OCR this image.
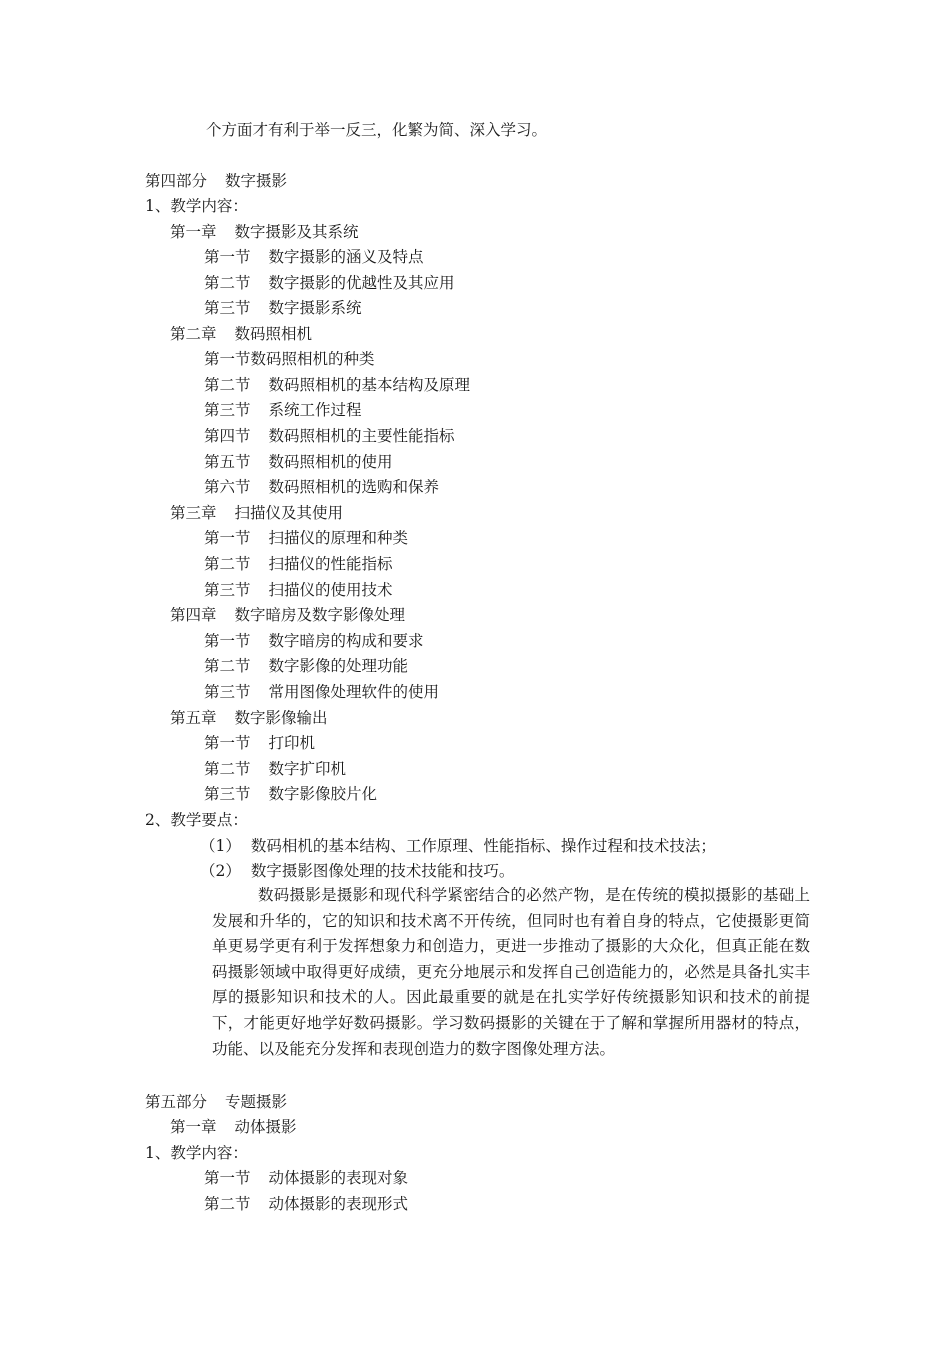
个方面才有利于举一反三，化繁为简、深入学习。
第四部分 数字摄影
1、教学内容：
第一章 数字摄影及其系统
第一节 数字摄影的涵义及特点
第二节 数字摄影的优越性及其应用
第三节 数字摄影系统
第二章 数码照相机
第一节数码照相机的种类
第二节 数码照相机的基本结构及原理
第三节 系统工作过程
第四节 数码照相机的主要性能指标
第五节 数码照相机的使用
第六节 数码照相机的选购和保养
第三章 扫描仪及其使用
第一节 扫描仪的原理和种类
第二节 扫描仪的性能指标
第三节 扫描仪的使用技术
第四章 数字暗房及数字影像处理
第一节 数字暗房的构成和要求
第二节 数字影像的处理功能
第三节 常用图像处理软件的使用
第五章 数字影像输出
第一节 打印机
第二节 数字扩印机
第三节 数字影像胶片化
2、教学要点：
（1） 数码相机的基本结构、工作原理、性能指标、操作过程和技术技法；
（2） 数字摄影图像处理的技术技能和技巧。

数码摄影是摄影和现代科学紧密结合的必然产物，是在传统的模拟摄影的基础上发展和升华的，它的知识和技术离不开传统，但同时也有着自身的特点，它使摄影更简单更易学更有利于发挥想象力和创造力，更进一步推动了摄影的大众化，但真正能在数码摄影领域中取得更好成绩，更充分地展示和发挥自己创造能力的，必然是具备扎实丰厚的摄影知识和技术的人。因此最重要的就是在扎实学好传统摄影知识和技术的前提下，才能更好地学好数码摄影。学习数码摄影的关键在于了解和掌握所用器材的特点，功能、以及能充分发挥和表现创造力的数字图像处理方法。

第五部分 专题摄影
第一章 动体摄影
1、教学内容：
第一节 动体摄影的表现对象
第二节 动体摄影的表现形式
